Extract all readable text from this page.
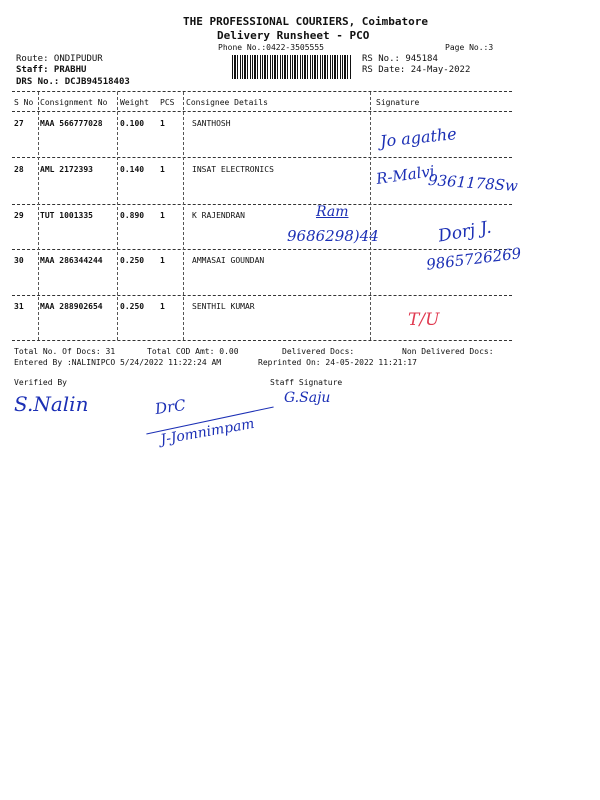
THE PROFESSIONAL COURIERS, Coimbatore
Delivery Runsheet - PCO
Phone No.:0422-3505555	Page No.:3
Route: ONDIPUDUR
Staff: PRABHU
DRS No.: DCJB94518403
RS No.: 945184
RS Date: 24-May-2022
S No Consignment No Weight PCS Consignee Details	Signature
27 MAA 566777028 0.100 1	SANTHOSH
28 AML 2172393	0.140 1	INSAT ELECTRONICS
29 TUT 1001335	0.890 1	K RAJENDRAN
30 MAA 286344244 0.250 1	AMMASAI GOUNDAN
31 MAA 288902654 0.250 1	SENTHIL KUMAR
Jo agathe
R-Malvi
9361178Sw
Ram
9686298)44	Dorj J.
9865726269
T/U
Total No. Of Docs: 31	Total COD Amt: 0.00	Delivered Docs:	Non Delivered Docs:
Entered By :NALINIPCO 5/24/2022 11:22:24 AM	Reprinted On: 24-05-2022 11:21:17
Verified By	Staff Signature
S.Nalin	G.Saju
DrC
J-Jomnimpam
